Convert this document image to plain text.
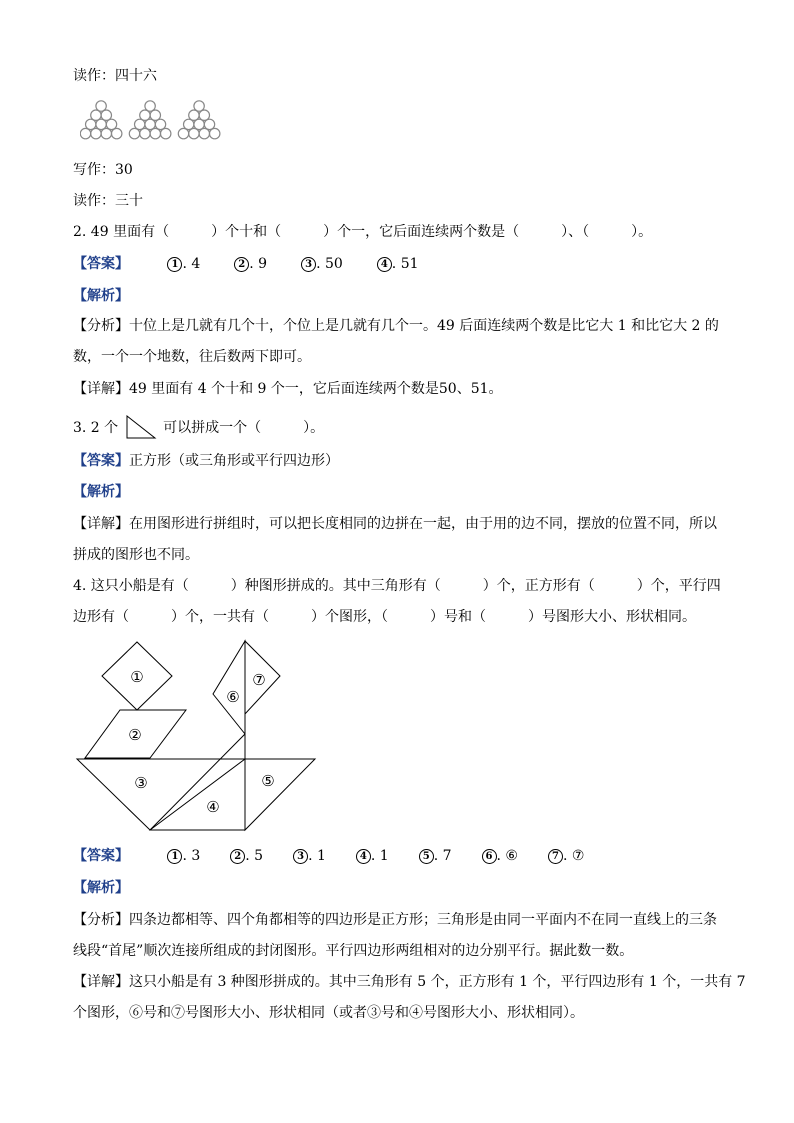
读作：四十六
写作：30
读作：三十
2. 49 里面有（　　　）个十和（　　　）个一，它后面连续两个数是（　　　）、（　　　）。
【答案】	1 . 4	2 . 9	3 . 50	4 . 51
【解析】
【分析】十位上是几就有几个十，个位上是几就有几个一。49 后面连续两个数是比它大 1 和比它大 2 的
数，一个一个地数，往后数两下即可。
【详解】49 里面有 4 个十和 9 个一，它后面连续两个数是50、51。
3. 2 个	可以拼成一个（　　　）。
【答案】正方形（或三角形或平行四边形）
【解析】
【详解】在用图形进行拼组时，可以把长度相同的边拼在一起，由于用的边不同，摆放的位置不同，所以
拼成的图形也不同。
4. 这只小船是有（　　　）种图形拼成的。其中三角形有（　　　）个，正方形有（　　　）个，平行四
边形有（　　　）个，一共有（　　　）个图形，（　　　）号和（　　　）号图形大小、形状相同。
①
②
③
④
⑤
⑥
⑦
【答案】	1 . 3	2 . 5	3 . 1	4 . 1	5 . 7	6 . ⑥	7 . ⑦
【解析】
【分析】四条边都相等、四个角都相等的四边形是正方形；三角形是由同一平面内不在同一直线上的三条
线段“首尾”顺次连接所组成的封闭图形。平行四边形两组相对的边分别平行。据此数一数。
【详解】这只小船是有 3 种图形拼成的。其中三角形有 5 个，正方形有 1 个，平行四边形有 1 个，一共有 7
个图形，⑥号和⑦号图形大小、形状相同（或者③号和④号图形大小、形状相同）。
